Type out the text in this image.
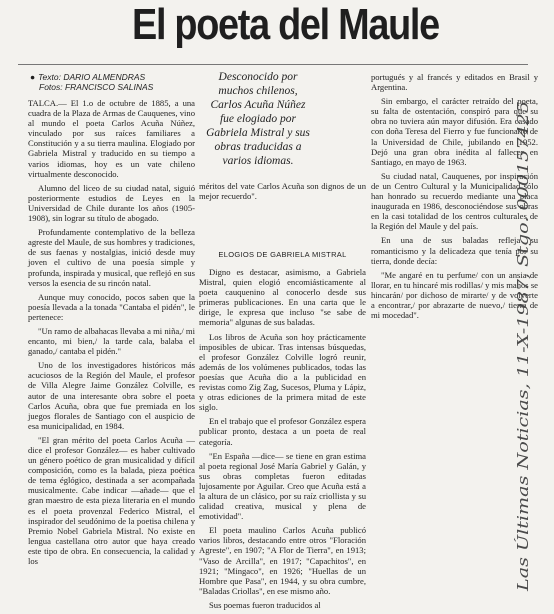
El poeta del Maule
● Texto: DARIO ALMENDRAS
Fotos: FRANCISCO SALINAS
Desconocido por muchos chilenos, Carlos Acuña Núñez fue elogiado por Gabriela Mistral y sus obras traducidas a varios idiomas.

TALCA.— El 1.o de octubre de 1885, a una cuadra de la Plaza de Armas de Cauquenes, vino al mundo el poeta Carlos Acuña Núñez, vinculado por sus raíces familiares a Constitución y a su tierra maulina. Elogiado por Gabriela Mistral y traducido en su tiempo a varios idiomas, hoy es un vate chileno virtualmente desconocido.

Alumno del liceo de su ciudad natal, siguió posteriormente estudios de Leyes en la Universidad de Chile durante los años (1905-1908), sin lograr su título de abogado.

Profundamente contemplativo de la belleza agreste del Maule, de sus hombres y tradiciones, de sus faenas y nostalgias, inició desde muy joven el cultivo de una poesía simple y profunda, inspirada y musical, que reflejó en sus versos la esencia de su rincón natal.

Aunque muy conocido, pocos saben que la poesía llevada a la tonada "Cantaba el pidén", le pertenece:

"Un ramo de albahacas llevaba a mi niña,/ mi encanto, mi bien,/ la tarde cala, balaba el ganado,/ cantaba el pidén."

Uno de los investigadores históricos más acuciosos de la Región del Maule, el profesor de Villa Alegre Jaime González Colville, es autor de una interesante obra sobre el poeta Carlos Acuña, obra que fue premiada en los juegos florales de Santiago con el auspicio de esa municipalidad, en 1984.

"El gran mérito del poeta Carlos Acuña —dice el profesor González— es haber cultivado un género poético de gran musicalidad y difícil composición, como es la balada, pieza poética de tema églógico, destinada a ser acompañada musicalmente. Cabe indicar —añade— que el gran maestro de esta pieza literaria en el mundo es el poeta provenzal Federico Mistral, el inspirador del seudónimo de la poetisa chilena y Premio Nobel Gabriela Mistral. No existe en lengua castellana otro autor que haya creado este tipo de obra. En consecuencia, la calidad y los

méritos del vate Carlos Acuña son dignos de un mejor recuerdo".

ELOGIOS DE GABRIELA MISTRAL

Digno es destacar, asimismo, a Gabriela Mistral, quien elogió encomiásticamente al poeta cauquenino al conocerlo desde sus primeras publicaciones. En una carta que le dirige, le expresa que incluso "se sabe de memoria" algunas de sus baladas.

Los libros de Acuña son hoy prácticamente imposibles de ubicar. Tras intensas búsquedas, el profesor González Colville logró reunir, además de los volúmenes publicados, todas las poesías que Acuña dio a la publicidad en revistas como Zig Zag, Sucesos, Pluma y Lápiz, y otras ediciones de la primera mitad de este siglo.

En el trabajo que el profesor González espera publicar pronto, destaca a un poeta de real categoría.

"En España —dice— se tiene en gran estima al poeta regional José María Gabriel y Galán, y sus obras completas fueron editadas lujosamente por Aguilar. Creo que Acuña está a la altura de un clásico, por su raíz criollista y su calidad creativa, musical y plena de emotividad".

El poeta maulino Carlos Acuña publicó varios libros, destacando entre otros "Floración Agreste", en 1907; "A Flor de Tierra", en 1913; "Vaso de Arcilla", en 1917; "Capachitos", en 1921; "Mingaco", en 1926; "Huellas de un Hombre que Pasa", en 1944, y su obra cumbre, "Baladas Criollas", en ese mismo año.

Sus poemas fueron traducidos al

portugués y al francés y editados en Brasil y Argentina.

Sin embargo, el carácter retraído del poeta, su falta de ostentación, conspiró para que su obra no tuviera aún mayor difusión. Era casado con doña Teresa del Fierro y fue funcionario de la Universidad de Chile, jubilando en 1952. Dejó una gran obra inédita al fallecer en Santiago, en mayo de 1963.

Su ciudad natal, Cauquenes, por inspiración de un Centro Cultural y la Municipalidad sólo han honrado su recuerdo mediante una placa inaugurada en 1986, desconociéndose sus obras en la casi totalidad de los centros culturales de la Región del Maule y del país.

En una de sus baladas refleja su romanticismo y la delicadeza que tenía por su tierra, donde decía:

"Me angaré en tu perfume/ con un ansia de llorar, en tu hincaré mis rodillas/ y mis manos se hincarán/ por dichoso de mirarte/ y de volverte a encontrar,/ por abrazarte de nuevo,/ tierra de mi mocedad".	Las Últimas Noticias, 11-X-1987, Stgo. 000157425
